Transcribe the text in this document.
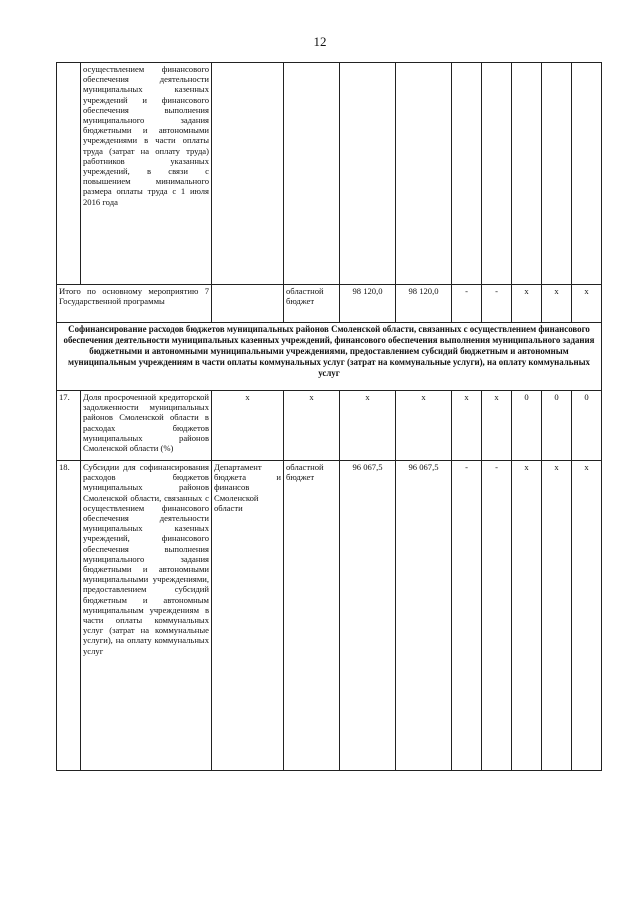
12
	осуществлением финансового обеспечения деятельности муниципальных казенных учреждений и финансового обеспечения выполнения муниципального задания бюджетными и автономными учреждениями в части оплаты труда (затрат на оплату труда) работников указанных учреждений, в связи с повышением минимального размера оплаты труда с 1 июля 2016 года									
Итого по основному мероприятию 7 Государственной программы			областной бюджет	98 120,0	98 120,0	-	-	х	х	х
Софинансирование расходов бюджетов муниципальных районов Смоленской области, связанных с осуществлением финансового обеспечения деятельности муниципальных казенных учреждений, финансового обеспечения выполнения муниципального задания бюджетными и автономными муниципальными учреждениями, предоставлением субсидий бюджетным и автономным муниципальным учреждениям в части оплаты коммунальных услуг (затрат на коммунальные услуги), на оплату коммунальных услуг										
17.	Доля просроченной кредиторской задолженности муниципальных районов Смоленской области в расходах бюджетов муниципальных районов Смоленской области (%)	х	х	х	х	х	х	0	0	0
18.	Субсидии для софинансирования расходов бюджетов муниципальных районов Смоленской области, связанных с осуществлением финансового обеспечения деятельности муниципальных казенных учреждений, финансового обеспечения выполнения муниципального задания бюджетными и автономными муниципальными учреждениями, предоставлением субсидий бюджетным и автономным муниципальным учреждениям в части оплаты коммунальных услуг (затрат на коммунальные услуги), на оплату коммунальных услуг	Департамент бюджета и финансов Смоленской области	областной бюджет	96 067,5	96 067,5	-	-	х	х	х
